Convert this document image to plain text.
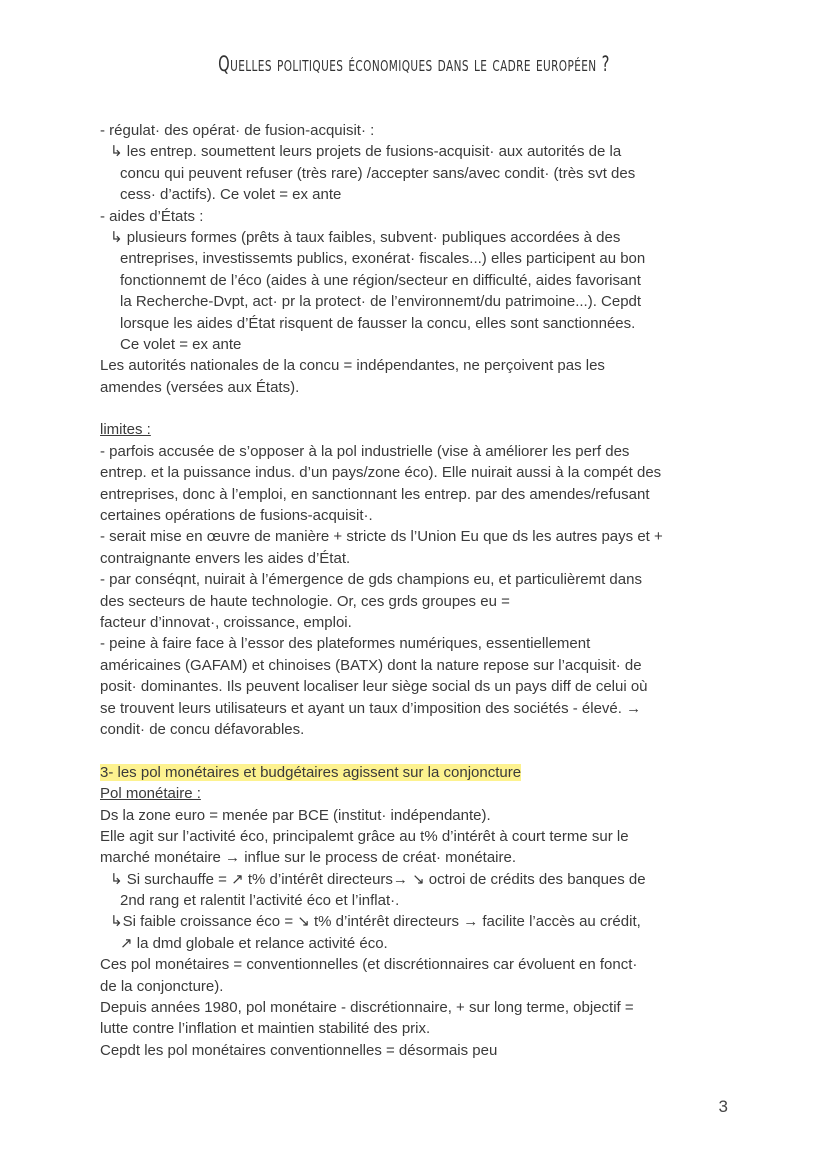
Quelles politiques économiques dans le cadre européen ?
- régulat· des opérat· de fusion-acquisit· :
↳ les entrep. soumettent leurs projets de fusions-acquisit· aux autorités de la
concu qui peuvent refuser (très rare) /accepter sans/avec condit· (très svt des
cess· d’actifs). Ce volet = ex ante
- aides d’États :
↳ plusieurs formes (prêts à taux faibles, subvent· publiques accordées à des
entreprises, investissemts publics, exonérat· fiscales...) elles participent au bon
fonctionnemt de l’éco (aides à une région/secteur en difficulté, aides favorisant
la Recherche-Dvpt, act· pr la protect· de l’environnemt/du patrimoine...). Cepdt
lorsque les aides d’État risquent de fausser la concu, elles sont sanctionnées.
Ce volet = ex ante
Les autorités nationales de la concu = indépendantes, ne perçoivent pas les
amendes (versées aux États).
limites :
- parfois accusée de s’opposer à la pol industrielle (vise à améliorer les perf des
entrep. et la puissance indus. d’un pays/zone éco). Elle nuirait aussi à la compét des
entreprises, donc à l’emploi, en sanctionnant les entrep. par des amendes/refusant
certaines opérations de fusions-acquisit·.
- serait mise en œuvre de manière + stricte ds l’Union Eu que ds les autres pays et +
contraignante envers les aides d’État.
- par conséqnt, nuirait à l’émergence de gds champions eu, et particulièremt dans
des secteurs de haute technologie. Or, ces grds groupes eu =
facteur d’innovat·, croissance, emploi.
- peine à faire face à l’essor des plateformes numériques, essentiellement
américaines (GAFAM) et chinoises (BATX) dont la nature repose sur l’acquisit· de
posit· dominantes. Ils peuvent localiser leur siège social ds un pays diff de celui où
se trouvent leurs utilisateurs et ayant un taux d’imposition des sociétés - élevé. →
condit· de concu défavorables.
3- les pol monétaires et budgétaires agissent sur la conjoncture
Pol monétaire :
Ds la zone euro = menée par BCE (institut· indépendante).
Elle agit sur l’activité éco, principalemt grâce au t% d’intérêt à court terme sur le
marché monétaire → influe sur le process de créat· monétaire.
↳ Si surchauffe = ↗ t% d’intérêt directeurs→ ↘ octroi de crédits des banques de
2nd rang et ralentit l’activité éco et l’inflat·.
↳Si faible croissance éco = ↘ t% d’intérêt directeurs → facilite l’accès au crédit,
↗ la dmd globale et relance activité éco.
Ces pol monétaires = conventionnelles (et discrétionnaires car évoluent en fonct·
de la conjoncture).
Depuis années 1980, pol monétaire - discrétionnaire, + sur long terme, objectif =
lutte contre l’inflation et maintien stabilité des prix.
Cepdt les pol monétaires conventionnelles = désormais peu
3
